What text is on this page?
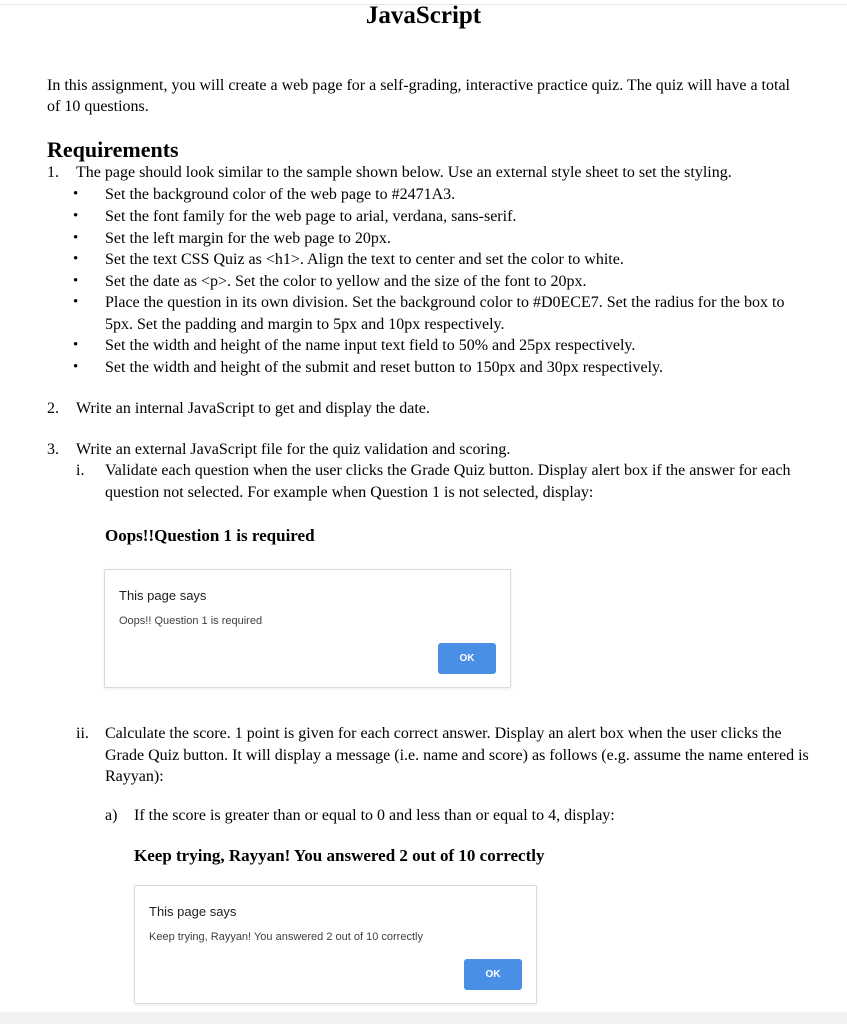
JavaScript
In this assignment, you will create a web page for a self-grading, interactive practice quiz. The quiz will have a total of 10 questions.
Requirements
1. The page should look similar to the sample shown below. Use an external style sheet to set the styling.
• Set the background color of the web page to #2471A3.
• Set the font family for the web page to arial, verdana, sans-serif.
• Set the left margin for the web page to 20px.
• Set the text CSS Quiz as <h1>. Align the text to center and set the color to white.
• Set the date as <p>. Set the color to yellow and the size of the font to 20px.
• Place the question in its own division. Set the background color to #D0ECE7. Set the radius for the box to 5px. Set the padding and margin to 5px and 10px respectively.
• Set the width and height of the name input text field to 50% and 25px respectively.
• Set the width and height of the submit and reset button to 150px and 30px respectively.
2. Write an internal JavaScript to get and display the date.
3. Write an external JavaScript file for the quiz validation and scoring.
i. Validate each question when the user clicks the Grade Quiz button. Display alert box if the answer for each question not selected. For example when Question 1 is not selected, display:
Oops!!Question 1 is required
This page says
Oops!! Question 1 is required
OK
ii. Calculate the score. 1 point is given for each correct answer. Display an alert box when the user clicks the Grade Quiz button. It will display a message (i.e. name and score) as follows (e.g. assume the name entered is Rayyan):
a) If the score is greater than or equal to 0 and less than or equal to 4, display:
Keep trying, Rayyan! You answered 2 out of 10 correctly
This page says
Keep trying, Rayyan! You answered 2 out of 10 correctly
OK
